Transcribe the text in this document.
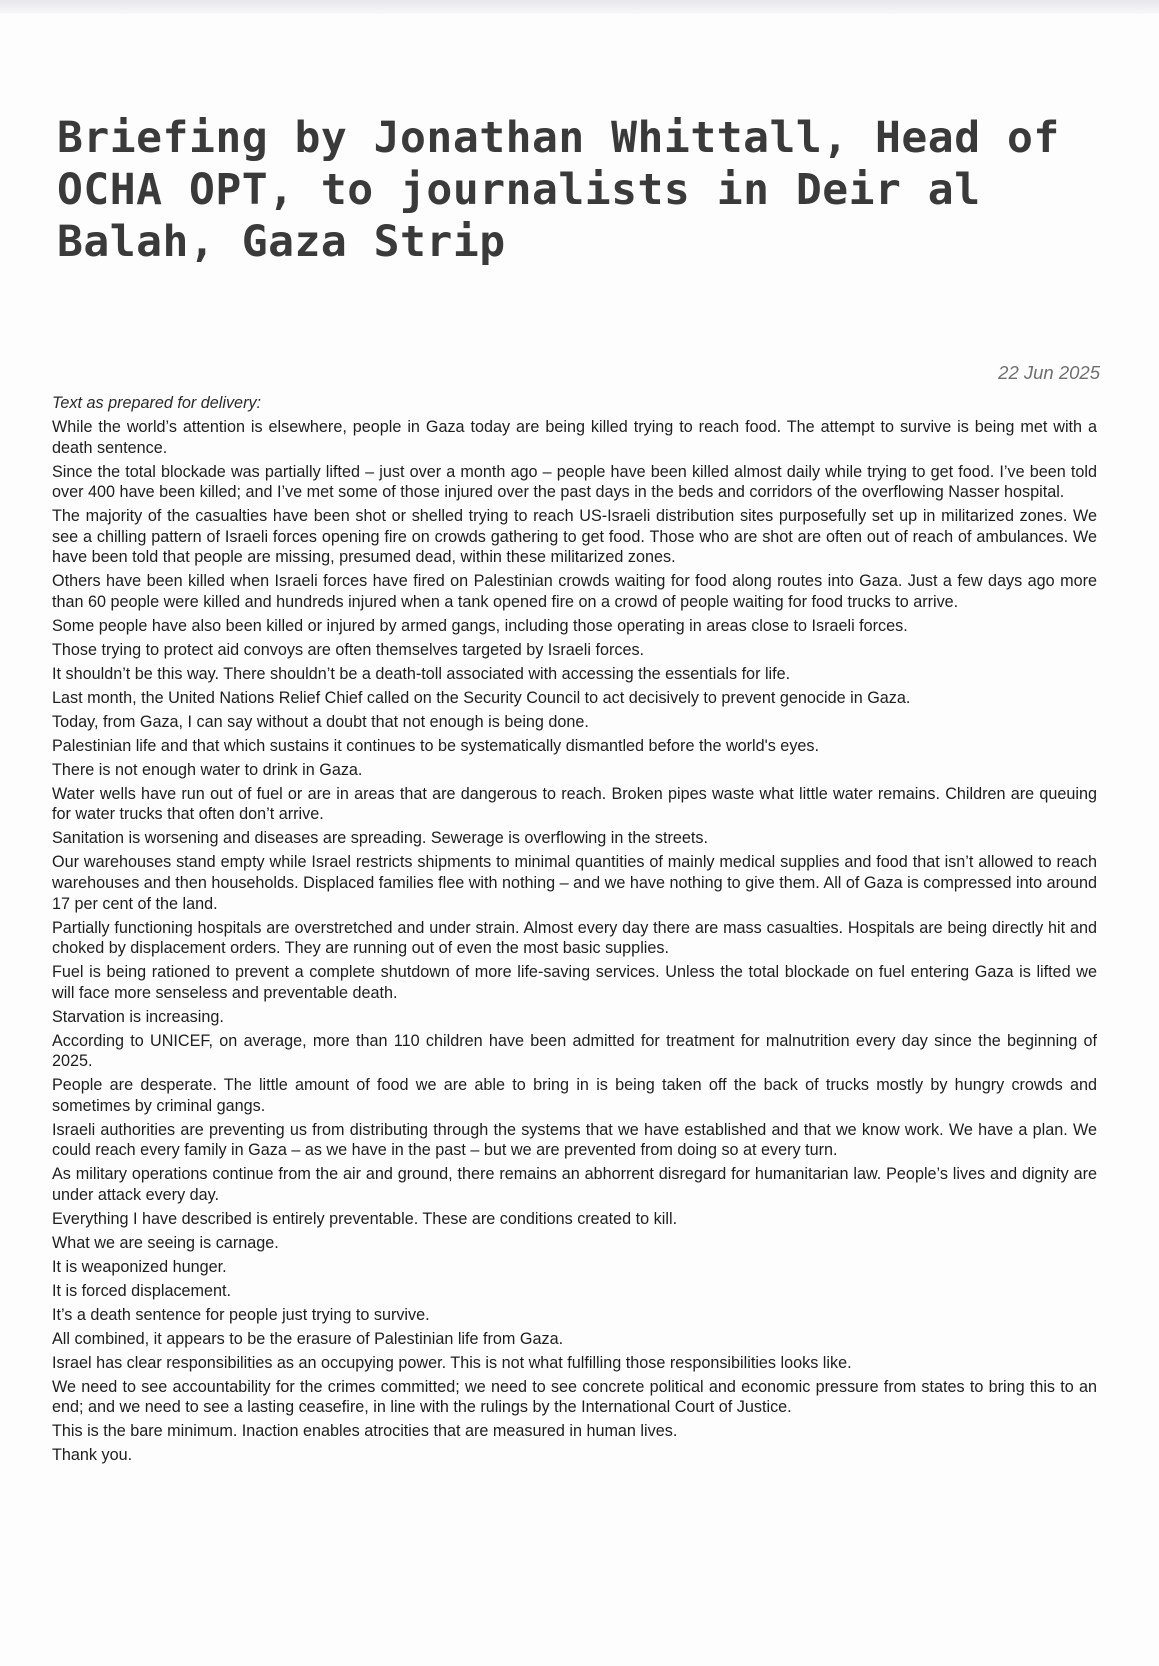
Briefing by Jonathan Whittall, Head of OCHA OPT, to journalists in Deir al Balah, Gaza Strip
22 Jun 2025

Text as prepared for delivery:

While the world’s attention is elsewhere, people in Gaza today are being killed trying to reach food. The attempt to survive is being met with a death sentence.

Since the total blockade was partially lifted – just over a month ago – people have been killed almost daily while trying to get food. I’ve been told over 400 have been killed; and I’ve met some of those injured over the past days in the beds and corridors of the overflowing Nasser hospital.

The majority of the casualties have been shot or shelled trying to reach US-Israeli distribution sites purposefully set up in militarized zones. We see a chilling pattern of Israeli forces opening fire on crowds gathering to get food. Those who are shot are often out of reach of ambulances. We have been told that people are missing, presumed dead, within these militarized zones.

Others have been killed when Israeli forces have fired on Palestinian crowds waiting for food along routes into Gaza. Just a few days ago more than 60 people were killed and hundreds injured when a tank opened fire on a crowd of people waiting for food trucks to arrive.

Some people have also been killed or injured by armed gangs, including those operating in areas close to Israeli forces.

Those trying to protect aid convoys are often themselves targeted by Israeli forces.

It shouldn’t be this way. There shouldn’t be a death-toll associated with accessing the essentials for life.

Last month, the United Nations Relief Chief called on the Security Council to act decisively to prevent genocide in Gaza.

Today, from Gaza, I can say without a doubt that not enough is being done.

Palestinian life and that which sustains it continues to be systematically dismantled before the world's eyes.

There is not enough water to drink in Gaza.

Water wells have run out of fuel or are in areas that are dangerous to reach. Broken pipes waste what little water remains. Children are queuing for water trucks that often don’t arrive.

Sanitation is worsening and diseases are spreading. Sewerage is overflowing in the streets.

Our warehouses stand empty while Israel restricts shipments to minimal quantities of mainly medical supplies and food that isn’t allowed to reach warehouses and then households. Displaced families flee with nothing – and we have nothing to give them. All of Gaza is compressed into around 17 per cent of the land.

Partially functioning hospitals are overstretched and under strain. Almost every day there are mass casualties. Hospitals are being directly hit and choked by displacement orders. They are running out of even the most basic supplies.

Fuel is being rationed to prevent a complete shutdown of more life-saving services. Unless the total blockade on fuel entering Gaza is lifted we will face more senseless and preventable death.

Starvation is increasing.

According to UNICEF, on average, more than 110 children have been admitted for treatment for malnutrition every day since the beginning of 2025.

People are desperate. The little amount of food we are able to bring in is being taken off the back of trucks mostly by hungry crowds and sometimes by criminal gangs.

Israeli authorities are preventing us from distributing through the systems that we have established and that we know work. We have a plan. We could reach every family in Gaza – as we have in the past – but we are prevented from doing so at every turn.

As military operations continue from the air and ground, there remains an abhorrent disregard for humanitarian law. People’s lives and dignity are under attack every day.

Everything I have described is entirely preventable. These are conditions created to kill.

What we are seeing is carnage.

It is weaponized hunger.

It is forced displacement.

It’s a death sentence for people just trying to survive.

All combined, it appears to be the erasure of Palestinian life from Gaza.

Israel has clear responsibilities as an occupying power. This is not what fulfilling those responsibilities looks like.

We need to see accountability for the crimes committed; we need to see concrete political and economic pressure from states to bring this to an end; and we need to see a lasting ceasefire, in line with the rulings by the International Court of Justice.

This is the bare minimum. Inaction enables atrocities that are measured in human lives.

Thank you.
